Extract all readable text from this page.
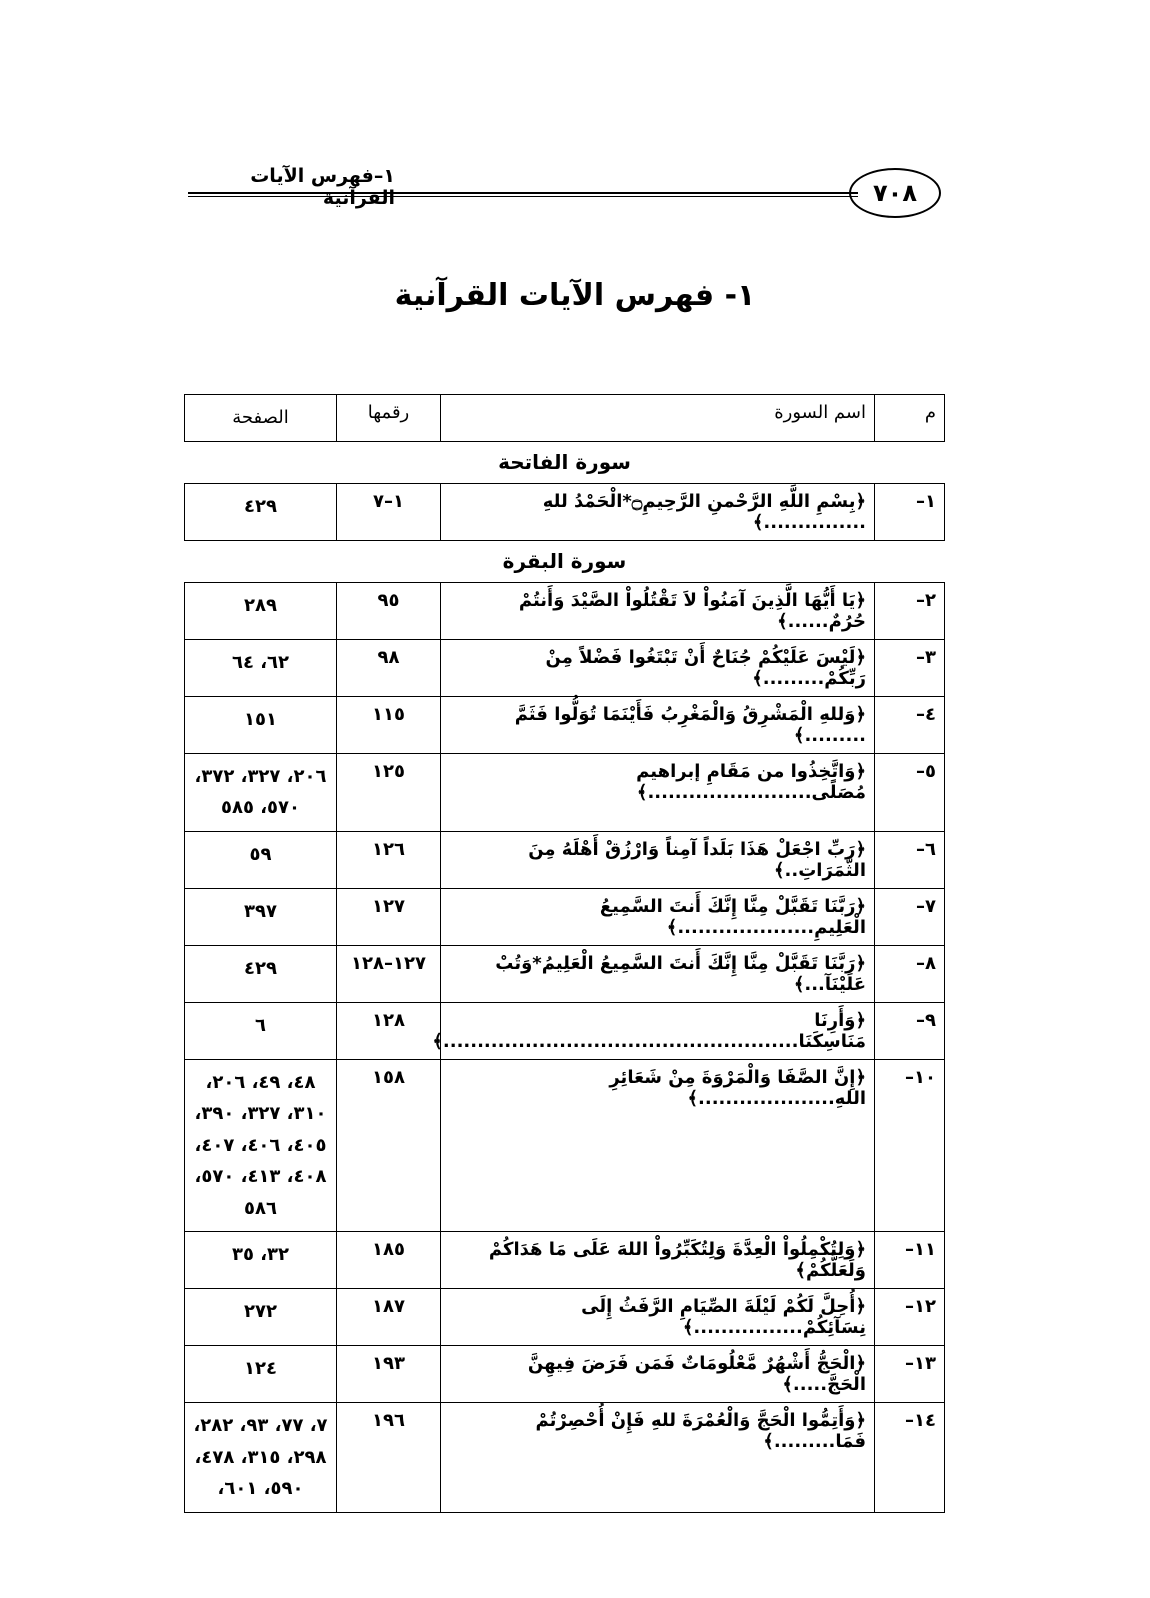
١–فهرس الآيات القرآنية	٧٠٨
١- فهرس الآيات القرآنية
م	اسم السورة	رقمها	الصفحة
سورة الفاتحة			
١–	﴿بِسْمِ اللَّهِ الرَّحْمنِ الرَّحِيمِ۝*الْحَمْدُ للهِ ...............﴾	١–٧	٤٢٩
سورة البقرة			
٢–	﴿يَا أَيُّهَا الَّذِينَ آمَنُواْ لاَ تَقْتُلُواْ الصَّيْدَ وَأَنتُمْ حُرُمٌ......﴾	٩٥	٢٨٩
٣–	﴿لَيْسَ عَلَيْكُمْ جُنَاحٌ أَنْ تَبْتَغُوا فَضْلاً مِنْ رَبِّكُمْ.........﴾	٩٨	٦٢، ٦٤
٤–	﴿وَللهِ الْمَشْرِقُ وَالْمَغْرِبُ فَأَيْنَمَا تُوَلُّوا فَثَمَّ .........﴾	١١٥	١٥١
٥–	﴿وَاتَّخِذُوا من مَقَامِ إبراهيم مُصَلًى........................﴾	١٢٥	٢٠٦، ٣٢٧، ٣٧٢، ٥٧٠، ٥٨٥
٦–	﴿رَبِّ اجْعَلْ هَذَا بَلَداً آمِناً وَارْزُقْ أَهْلَهُ مِنَ الثَّمَرَاتِ..﴾	١٢٦	٥٩
٧–	﴿رَبَّنَا تَقَبَّلْ مِنَّا إِنَّكَ أَنتَ السَّمِيعُ الْعَلِيمِ....................﴾	١٢٧	٣٩٧
٨–	﴿رَبَّنَا تَقَبَّلْ مِنَّا إِنَّكَ أَنتَ السَّمِيعُ الْعَلِيمُ*وَتُبْ عَلَيْنَآ...﴾	١٢٧–١٢٨	٤٢٩
٩–	﴿وَأَرِنَا مَنَاسِكَنَا....................................................﴾	١٢٨	٦
١٠–	﴿إِنَّ الصَّفَا وَالْمَرْوَةَ مِنْ شَعَائِرِ اللهِ....................﴾	١٥٨	٤٨، ٤٩، ٢٠٦، ٣١٠، ٣٢٧، ٣٩٠، ٤٠٥، ٤٠٦، ٤٠٧، ٤٠٨، ٤١٣، ٥٧٠، ٥٨٦
١١–	﴿وَلِتُكْمِلُواْ الْعِدَّةَ وَلِتُكَبِّرُواْ اللهَ عَلَى مَا هَدَاكُمْ وَلَعَلَّكُمْ﴾	١٨٥	٣٢، ٣٥
١٢–	﴿أُحِلَّ لَكُمْ لَيْلَةَ الصِّيَامِ الرَّفَثُ إِلَى نِسَآئِكُمْ................﴾	١٨٧	٢٧٢
١٣–	﴿الْحَجُّ أَشْهُرٌ مَّعْلُومَاتٌ فَمَن فَرَضَ فِيهِنَّ الْحَجَّ.....﴾	١٩٣	١٢٤
١٤–	﴿وَأَتِمُّوا الْحَجَّ وَالْعُمْرَةَ للهِ فَإِنْ أُحْصِرْتُمْ فَمَا.........﴾	١٩٦	٧، ٧٧، ٩٣، ٢٨٢، ٢٩٨، ٣١٥، ٤٧٨، ٥٩٠، ٦٠١،
